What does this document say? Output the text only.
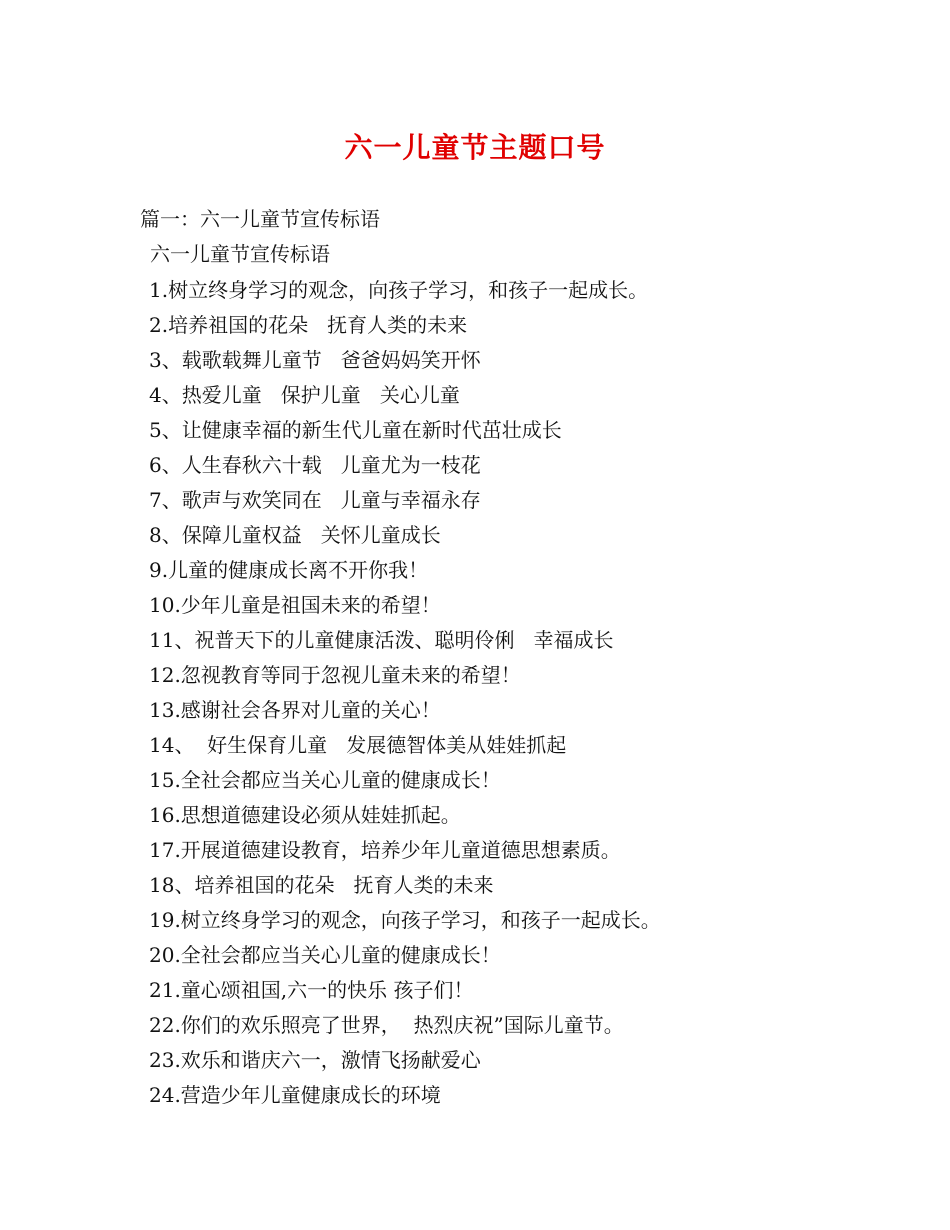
六一儿童节主题口号
篇一：六一儿童节宣传标语
六一儿童节宣传标语
1.树立终身学习的观念，向孩子学习，和孩子一起成长。
2.培养祖国的花朵   抚育人类的未来
3、载歌载舞儿童节   爸爸妈妈笑开怀
4、热爱儿童   保护儿童   关心儿童
5、让健康幸福的新生代儿童在新时代茁壮成长
6、人生春秋六十载   儿童尤为一枝花
7、歌声与欢笑同在   儿童与幸福永存
8、保障儿童权益   关怀儿童成长
9.儿童的健康成长离不开你我！
10.少年儿童是祖国未来的希望！
11、祝普天下的儿童健康活泼、聪明伶俐   幸福成长
12.忽视教育等同于忽视儿童未来的希望！
13.感谢社会各界对儿童的关心！
14、  好生保育儿童   发展德智体美从娃娃抓起
15.全社会都应当关心儿童的健康成长！
16.思想道德建设必须从娃娃抓起。
17.开展道德建设教育，培养少年儿童道德思想素质。
18、培养祖国的花朵   抚育人类的未来
19.树立终身学习的观念，向孩子学习，和孩子一起成长。
20.全社会都应当关心儿童的健康成长！
21.童心颂祖国,六一的快乐 孩子们！
22.你们的欢乐照亮了世界，  热烈庆祝”国际儿童节。
23.欢乐和谐庆六一，激情飞扬献爱心
24.营造少年儿童健康成长的环境
